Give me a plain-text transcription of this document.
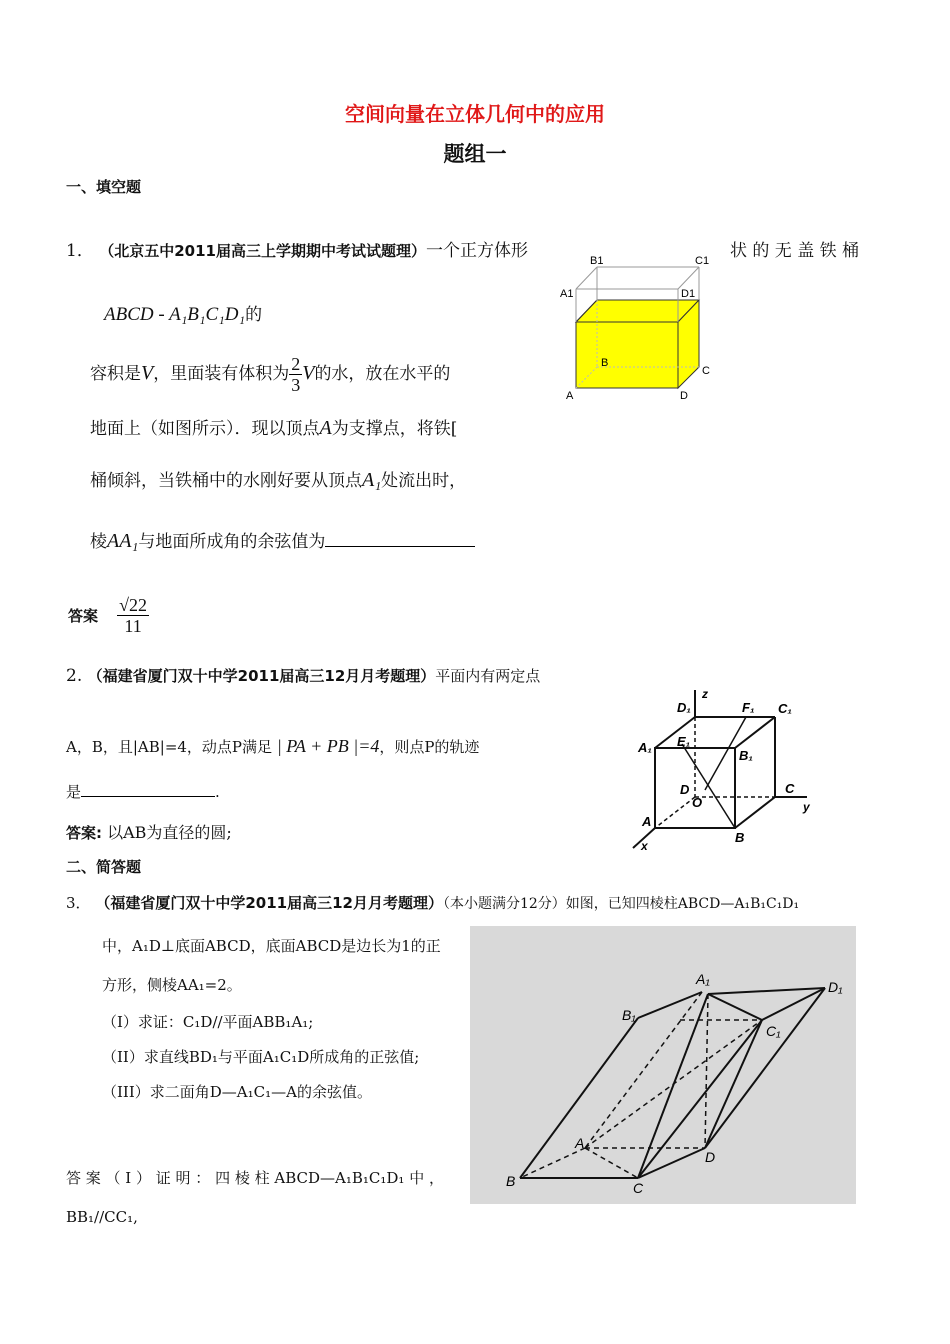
空间向量在立体几何中的应用
题组一
一、填空题
1． （北京五中2011届高三上学期期中考试试题理）一个正方体形	状 的 无 盖 铁 桶
ABCD - A₁B₁C₁D₁的
容积是V，里面装有体积为 $\frac{2}{3}$ V的水，放在水平的
地面上（如图所示）．现以顶点A为支撑点，将铁[
桶倾斜，当铁桶中的水刚好要从顶点A₁处流出时，
棱AA₁与地面所成角的余弦值为
答案 $\frac{√22}{11}$
B1	C1
A1	D1
B
C
A	D
2. （福建省厦门双十中学2011届高三12月月考题理）平面内有两定点
A，B，且|AB|=4，动点P满足 | PA + PB |=4，则点P的轨迹
是	.
答案: 以AB为直径的圆;
z
D₁	F₁ C₁
A₁ E₁
B₁
D
O
C
y
A
B
x
二、简答题
3． （福建省厦门双十中学2011届高三12月月考题理）（本小题满分12分）如图，已知四棱柱ABCD—A₁B₁C₁D₁
中，A₁D⊥底面ABCD，底面ABCD是边长为1的正
方形，侧棱AA₁=2。
（I）求证：C₁D//平面ABB₁A₁;
（II）求直线BD₁与平面A₁C₁D所成角的正弦值;
（III）求二面角D—A₁C₁—A的余弦值。
答 案 （ I ） 证 明 ： 四 棱 柱 ABCD—A₁B₁C₁D₁ 中 ，
BB₁//CC₁,
A₁	D₁
B₁
C₁
A
B	C
D
